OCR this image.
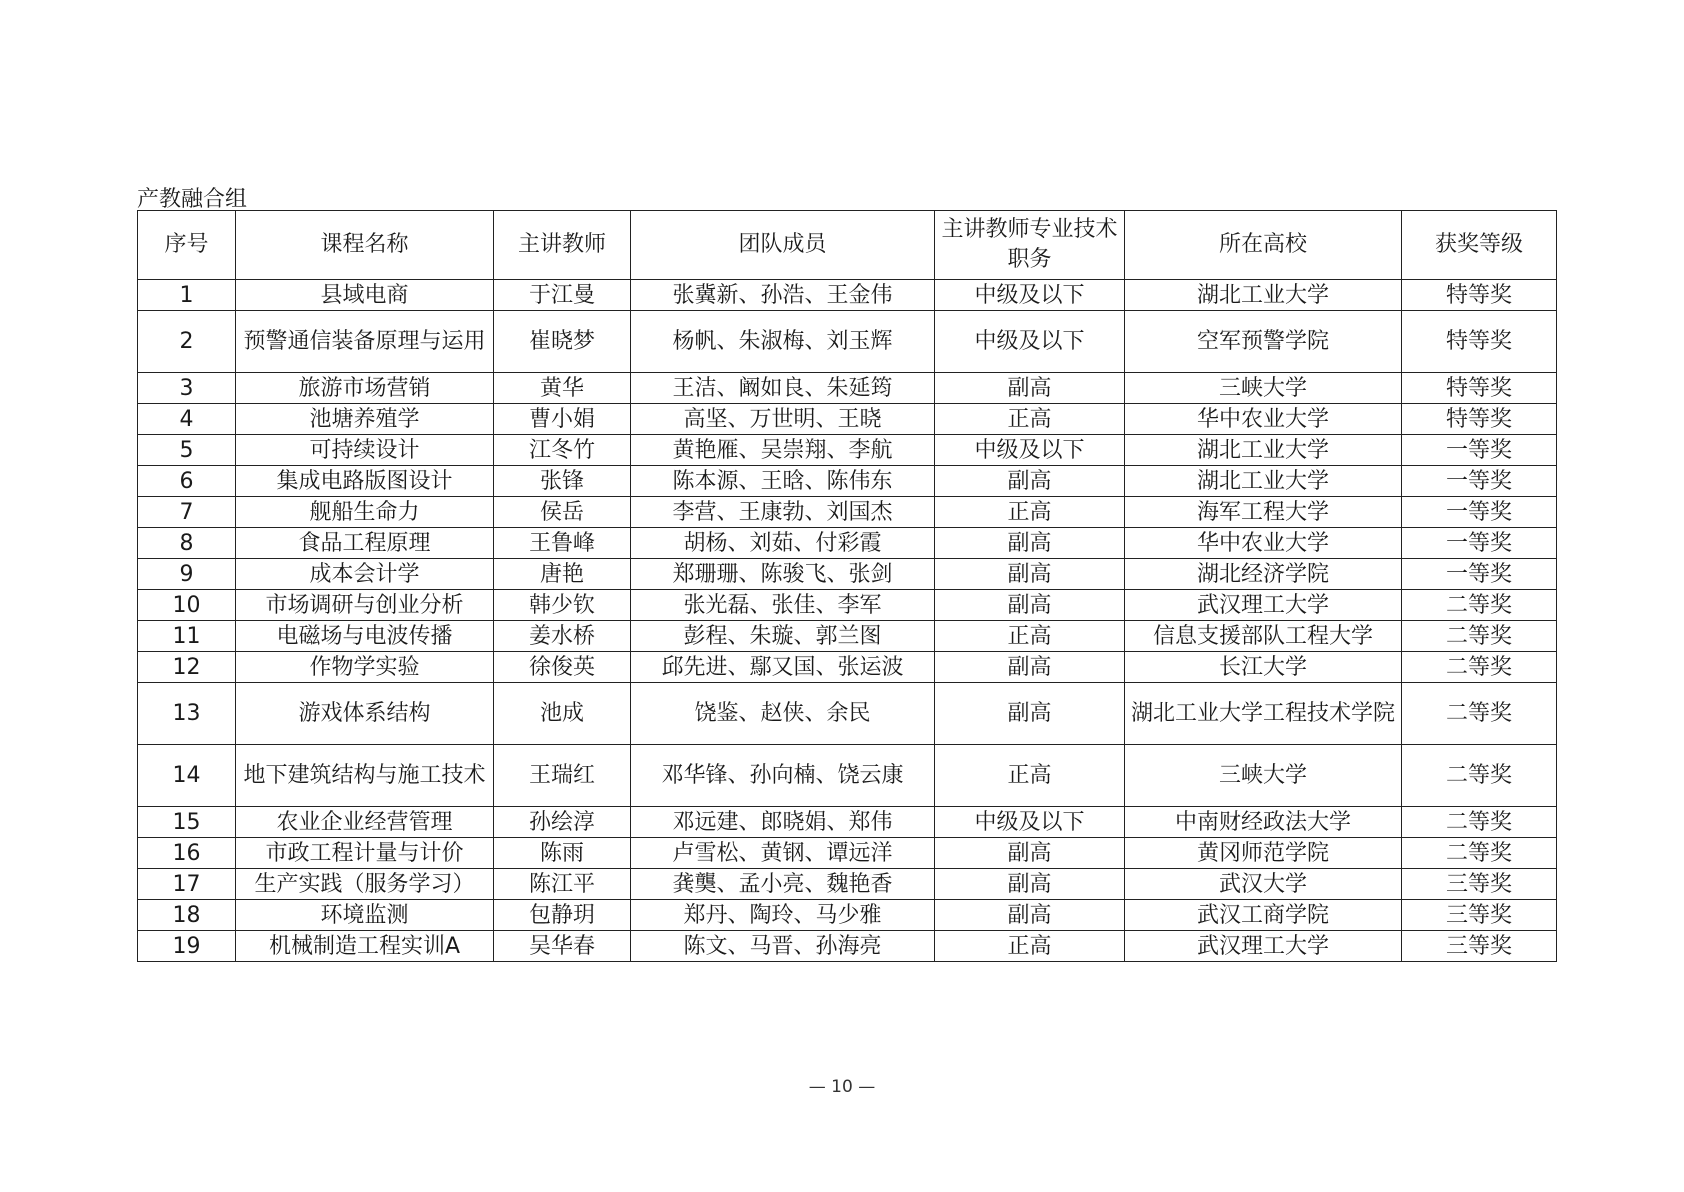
产教融合组
序号	课程名称	主讲教师	团队成员	主讲教师专业技术职务	所在高校	获奖等级
1	县域电商	于江曼	张冀新、孙浩、王金伟	中级及以下	湖北工业大学	特等奖
2	预警通信装备原理与运用	崔晓梦	杨帆、朱淑梅、刘玉辉	中级及以下	空军预警学院	特等奖
3	旅游市场营销	黄华	王洁、阚如良、朱延筠	副高	三峡大学	特等奖
4	池塘养殖学	曹小娟	高坚、万世明、王晓	正高	华中农业大学	特等奖
5	可持续设计	江冬竹	黄艳雁、吴崇翔、李航	中级及以下	湖北工业大学	一等奖
6	集成电路版图设计	张锋	陈本源、王晗、陈伟东	副高	湖北工业大学	一等奖
7	舰船生命力	侯岳	李营、王康勃、刘国杰	正高	海军工程大学	一等奖
8	食品工程原理	王鲁峰	胡杨、刘茹、付彩霞	副高	华中农业大学	一等奖
9	成本会计学	唐艳	郑珊珊、陈骏飞、张剑	副高	湖北经济学院	一等奖
10	市场调研与创业分析	韩少钦	张光磊、张佳、李军	副高	武汉理工大学	二等奖
11	电磁场与电波传播	姜水桥	彭程、朱璇、郭兰图	正高	信息支援部队工程大学	二等奖
12	作物学实验	徐俊英	邱先进、鄢又国、张运波	副高	长江大学	二等奖
13	游戏体系结构	池成	饶鉴、赵侠、余民	副高	湖北工业大学工程技术学院	二等奖
14	地下建筑结构与施工技术	王瑞红	邓华锋、孙向楠、饶云康	正高	三峡大学	二等奖
15	农业企业经营管理	孙绘淳	邓远建、郎晓娟、郑伟	中级及以下	中南财经政法大学	二等奖
16	市政工程计量与计价	陈雨	卢雪松、黄钢、谭远洋	副高	黄冈师范学院	二等奖
17	生产实践（服务学习）	陈江平	龚龑、孟小亮、魏艳香	副高	武汉大学	三等奖
18	环境监测	包静玥	郑丹、陶玲、马少雅	副高	武汉工商学院	三等奖
19	机械制造工程实训A	吴华春	陈文、马晋、孙海亮	正高	武汉理工大学	三等奖
— 10 —
